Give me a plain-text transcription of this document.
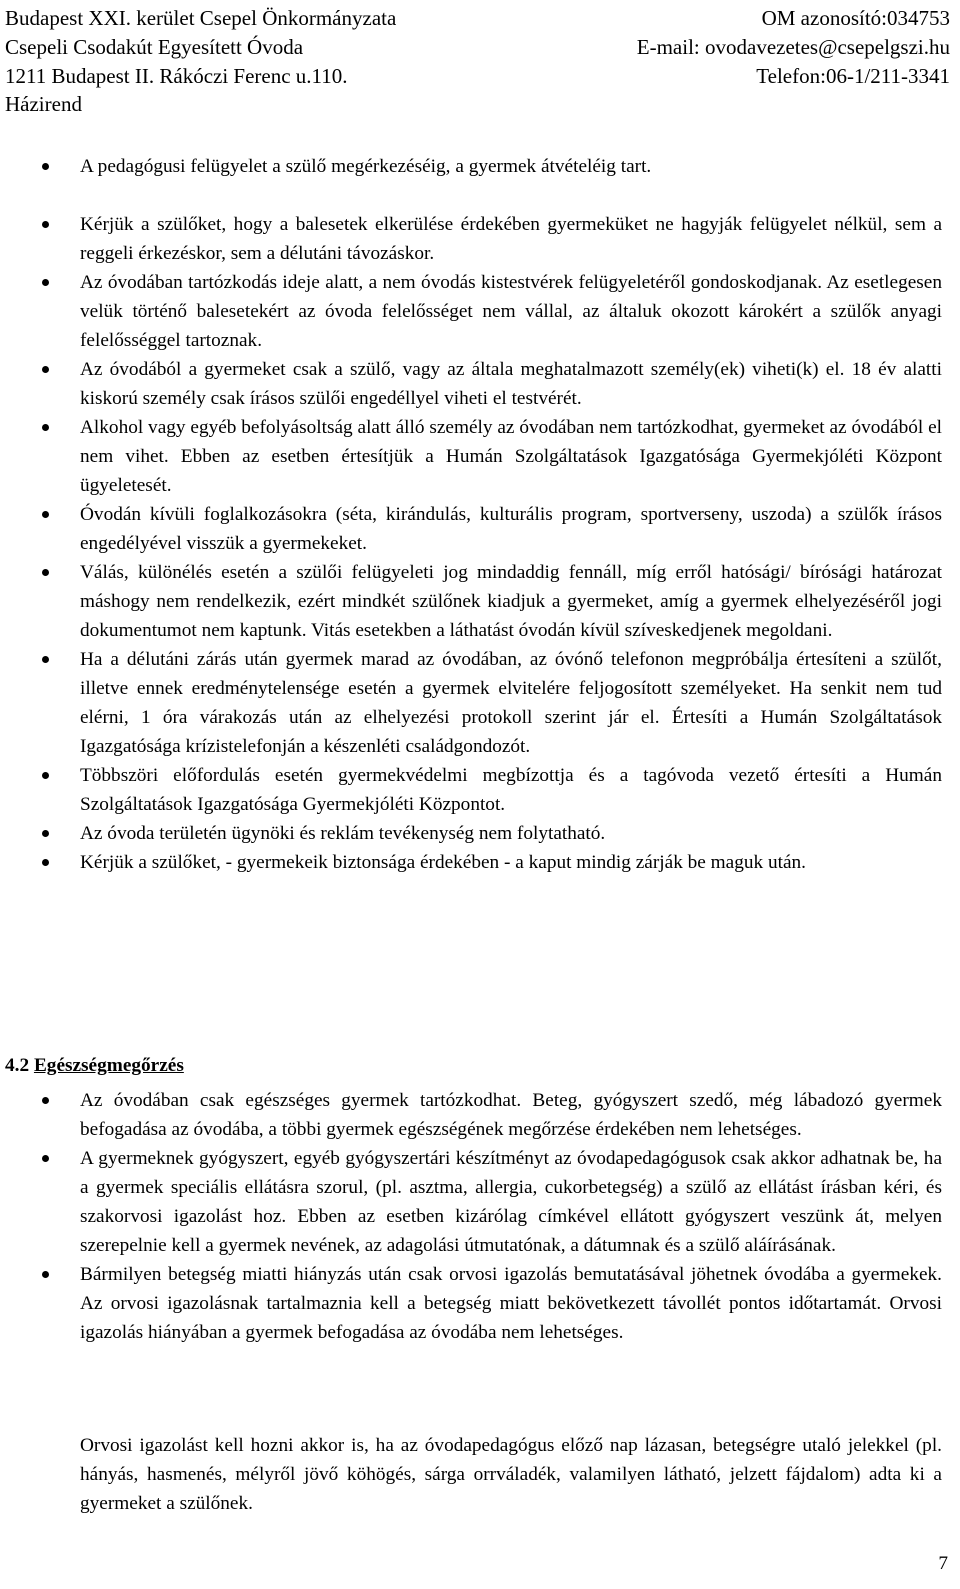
Budapest XXI. kerület Csepel Önkormányzata	OM azonosító:034753
Csepeli Csodakút Egyesített Óvoda	E-mail: ovodavezetes@csepelgszi.hu
1211 Budapest II. Rákóczi Ferenc u.110.	Telefon:06-1/211-3341
Házirend
A pedagógusi felügyelet a szülő megérkezéséig, a gyermek átvételéig tart.
Kérjük a szülőket, hogy a balesetek elkerülése érdekében gyermeküket ne hagyják felügyelet nélkül, sem a reggeli érkezéskor, sem a délutáni távozáskor.
Az óvodában tartózkodás ideje alatt, a nem óvodás kistestvérek felügyeletéről gondoskodjanak. Az esetlegesen velük történő balesetekért az óvoda felelősséget nem vállal, az általuk okozott károkért a szülők anyagi felelősséggel tartoznak.
Az óvodából a gyermeket csak a szülő, vagy az általa meghatalmazott személy(ek) viheti(k) el. 18 év alatti kiskorú személy csak írásos szülői engedéllyel viheti el testvérét.
Alkohol vagy egyéb befolyásoltság alatt álló személy az óvodában nem tartózkodhat, gyermeket az óvodából el nem vihet. Ebben az esetben értesítjük a Humán Szolgáltatások Igazgatósága Gyermekjóléti Központ ügyeletesét.
Óvodán kívüli foglalkozásokra (séta, kirándulás, kulturális program, sportverseny, uszoda) a szülők írásos engedélyével visszük a gyermekeket.
Válás, különélés esetén a szülői felügyeleti jog mindaddig fennáll, míg erről hatósági/ bírósági határozat máshogy nem rendelkezik, ezért mindkét szülőnek kiadjuk a gyermeket, amíg a gyermek elhelyezéséről jogi dokumentumot nem kaptunk. Vitás esetekben a láthatást óvodán kívül szíveskedjenek megoldani.
Ha a délutáni zárás után gyermek marad az óvodában, az óvónő telefonon megpróbálja értesíteni a szülőt, illetve ennek eredménytelensége esetén a gyermek elvitelére feljogosított személyeket. Ha senkit nem tud elérni, 1 óra várakozás után az elhelyezési protokoll szerint jár el. Értesíti a Humán Szolgáltatások Igazgatósága krízistelefonján a készenléti családgondozót.
Többszöri előfordulás esetén gyermekvédelmi megbízottja és a tagóvoda vezető értesíti a Humán Szolgáltatások Igazgatósága Gyermekjóléti Központot.
Az óvoda területén ügynöki és reklám tevékenység nem folytatható.
Kérjük a szülőket, - gyermekeik biztonsága érdekében - a kaput mindig zárják be maguk után.
4.2 Egészségmegőrzés
Az óvodában csak egészséges gyermek tartózkodhat. Beteg, gyógyszert szedő, még lábadozó gyermek befogadása az óvodába, a többi gyermek egészségének megőrzése érdekében nem lehetséges.
A gyermeknek gyógyszert, egyéb gyógyszertári készítményt az óvodapedagógusok csak akkor adhatnak be, ha a gyermek speciális ellátásra szorul, (pl. asztma, allergia, cukorbetegség) a szülő az ellátást írásban kéri, és szakorvosi igazolást hoz. Ebben az esetben kizárólag címkével ellátott gyógyszert veszünk át, melyen szerepelnie kell a gyermek nevének, az adagolási útmutatónak, a dátumnak és a szülő aláírásának.
Bármilyen betegség miatti hiányzás után csak orvosi igazolás bemutatásával jöhetnek óvodába a gyermekek. Az orvosi igazolásnak tartalmaznia kell a betegség miatt bekövetkezett távollét pontos időtartamát. Orvosi igazolás hiányában a gyermek befogadása az óvodába nem lehetséges.
Orvosi igazolást kell hozni akkor is, ha az óvodapedagógus előző nap lázasan, betegségre utaló jelekkel (pl. hányás, hasmenés, mélyről jövő köhögés, sárga orrváladék, valamilyen látható, jelzett fájdalom) adta ki a gyermeket a szülőnek.
7
